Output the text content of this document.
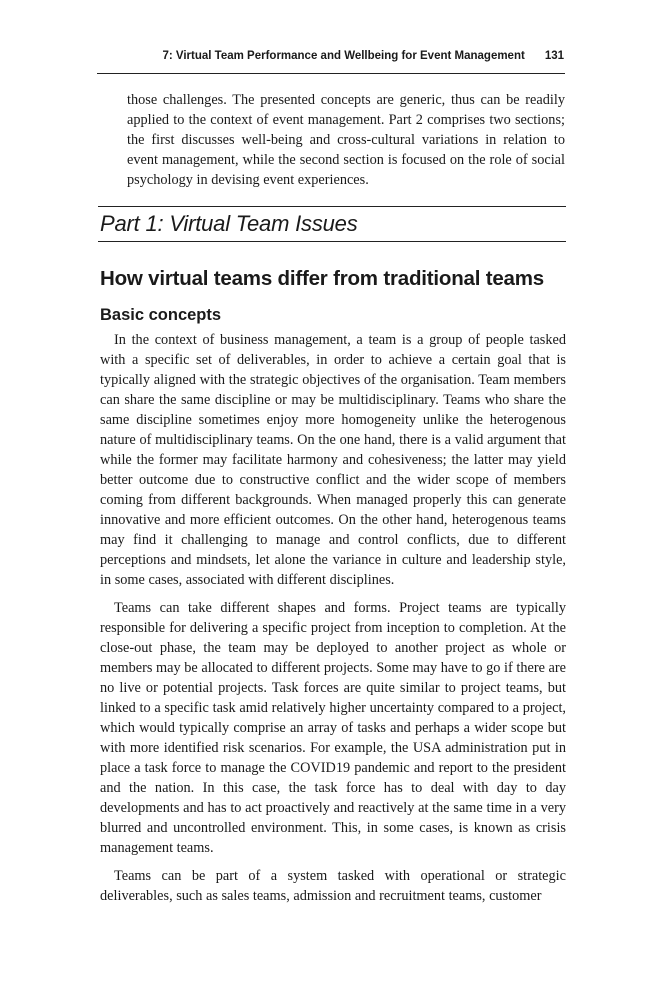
7: Virtual Team Performance and Wellbeing for Event Management 131

those challenges. The presented concepts are generic, thus can be readily applied to the context of event management. Part 2 comprises two sections; the first discusses well-being and cross-cultural variations in relation to event management, while the second section is focused on the role of social psychology in devising event experiences.

Part 1: Virtual Team Issues
How virtual teams differ from traditional teams
Basic concepts

In the context of business management, a team is a group of people tasked with a specific set of deliverables, in order to achieve a certain goal that is typically aligned with the strategic objectives of the organisation. Team members can share the same discipline or may be multidisciplinary. Teams who share the same discipline sometimes enjoy more homogeneity unlike the heterogenous nature of multidisciplinary teams. On the one hand, there is a valid argument that while the former may facilitate harmony and cohesiveness; the latter may yield better outcome due to constructive conflict and the wider scope of members coming from different backgrounds. When managed properly this can generate innovative and more efficient outcomes. On the other hand, heterogenous teams may find it challenging to manage and control conflicts, due to different perceptions and mindsets, let alone the variance in culture and leadership style, in some cases, associated with different disciplines.

Teams can take different shapes and forms. Project teams are typically responsible for delivering a specific project from inception to completion. At the close-out phase, the team may be deployed to another project as whole or members may be allocated to different projects. Some may have to go if there are no live or potential projects. Task forces are quite similar to project teams, but linked to a specific task amid relatively higher uncertainty compared to a project, which would typically comprise an array of tasks and perhaps a wider scope but with more identified risk scenarios. For example, the USA administration put in place a task force to manage the COVID19 pandemic and report to the president and the nation. In this case, the task force has to deal with day to day developments and has to act proactively and reactively at the same time in a very blurred and uncontrolled environment. This, in some cases, is known as crisis management teams.

Teams can be part of a system tasked with operational or strategic deliverables, such as sales teams, admission and recruitment teams, customer
